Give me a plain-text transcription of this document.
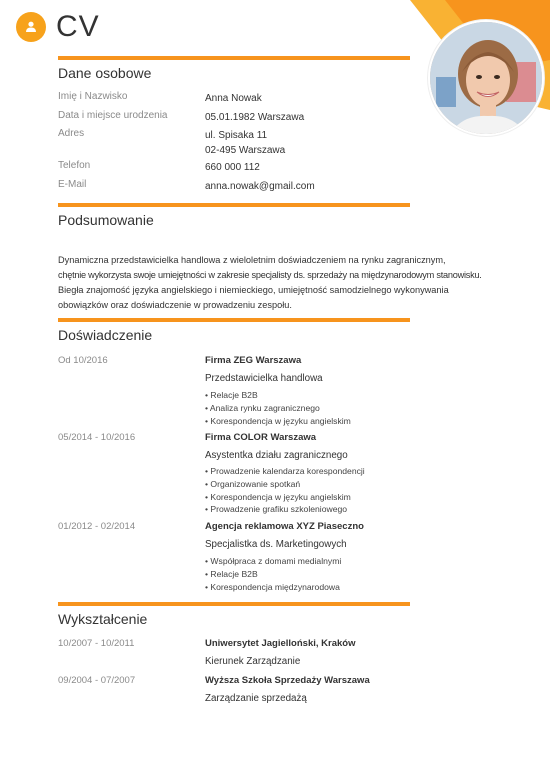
CV
Dane osobowe
Imię i Nazwisko	Anna Nowak
Data i miejsce urodzenia	05.01.1982 Warszawa
Adres	ul. Spisaka 11
02-495 Warszawa
Telefon	660 000 112
E-Mail	anna.nowak@gmail.com
Podsumowanie
Dynamiczna przedstawicielka handlowa z wieloletnim doświadczeniem na rynku zagranicznym,
chętnie wykorzysta swoje umiejętności w zakresie specjalisty ds. sprzedaży na międzynarodowym stanowisku.
Biegła znajomość języka angielskiego i niemieckiego, umiejętność samodzielnego wykonywania
obowiązków oraz doświadczenie w prowadzeniu zespołu.
Doświadczenie
Od 10/2016	Firma ZEG Warszawa
Przedstawicielka handlowa
• Relacje B2B
• Analiza rynku zagranicznego
• Korespondencja w języku angielskim
05/2014 - 10/2016	Firma COLOR Warszawa
Asystentka działu zagranicznego
• Prowadzenie kalendarza korespondencji
• Organizowanie spotkań
• Korespondencja w języku angielskim
• Prowadzenie grafiku szkoleniowego
01/2012 - 02/2014	Agencja reklamowa XYZ Piaseczno
Specjalistka ds. Marketingowych
• Współpraca z domami medialnymi
• Relacje B2B
• Korespondencja międzynarodowa
Wykształcenie
10/2007 - 10/2011	Uniwersytet Jagielloński, Kraków
Kierunek Zarządzanie
09/2004 - 07/2007	Wyższa Szkoła Sprzedaży Warszawa
Zarządzanie sprzedażą
